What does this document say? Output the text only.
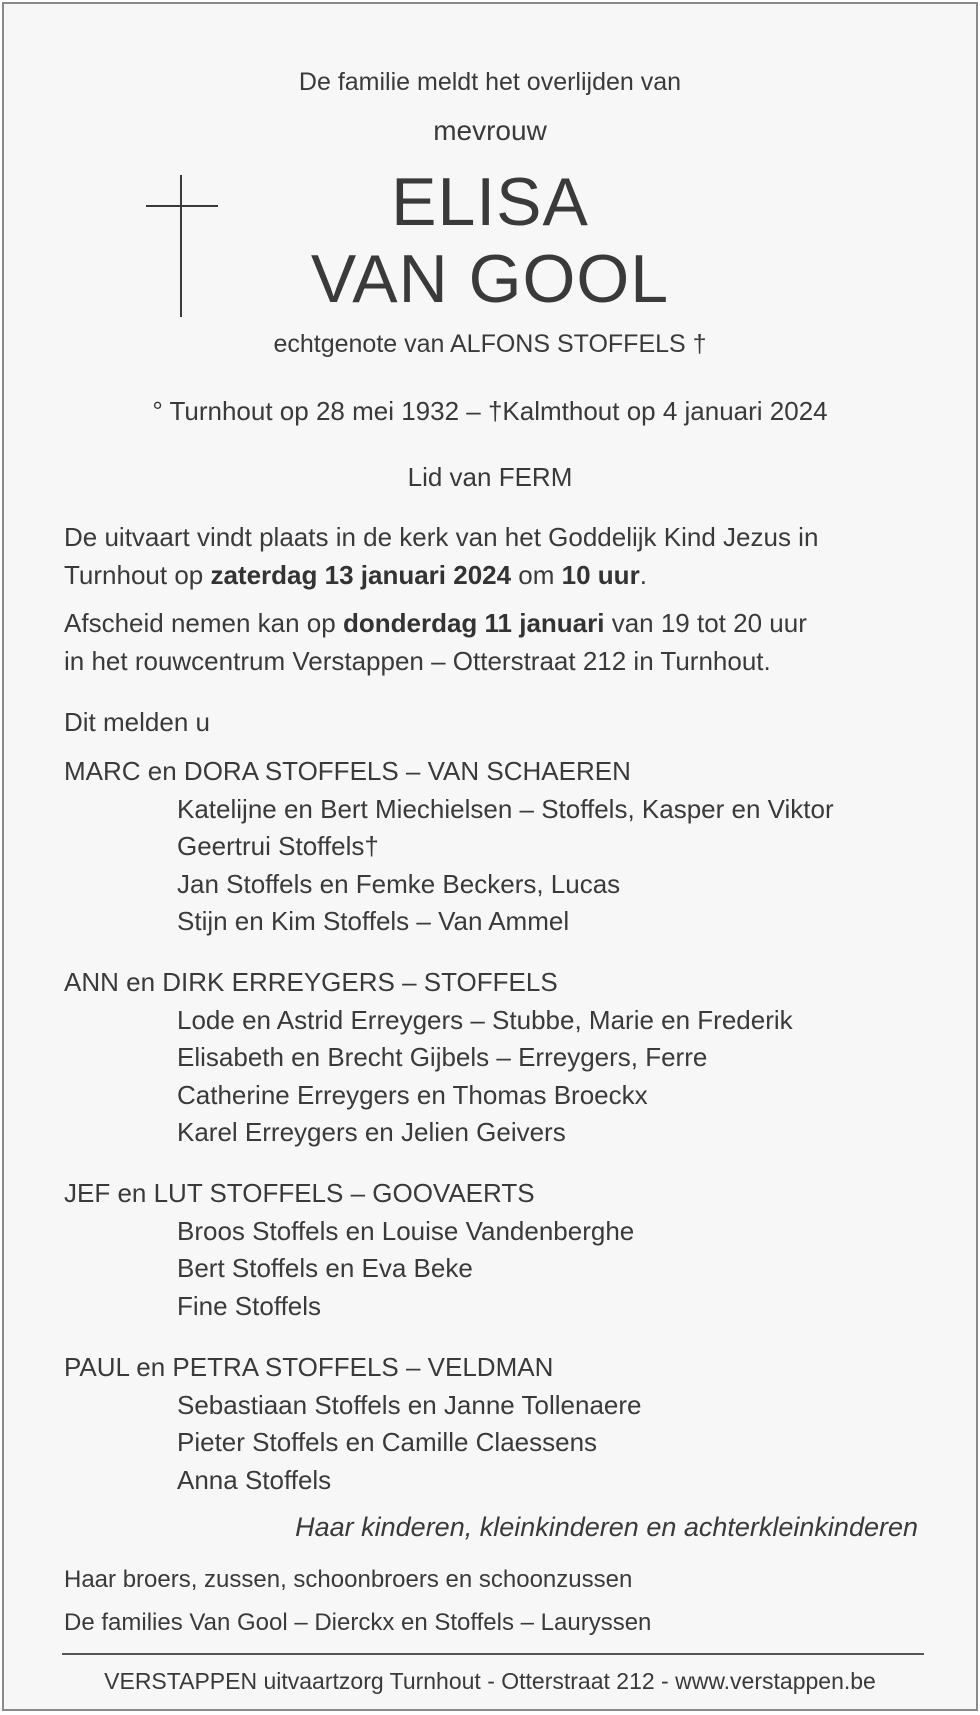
De familie meldt het overlijden van
mevrouw
ELISA
VAN GOOL
echtgenote van ALFONS STOFFELS †
° Turnhout op 28 mei 1932 – †Kalmthout op 4 januari 2024
Lid van FERM
De uitvaart vindt plaats in de kerk van het Goddelijk Kind Jezus in
Turnhout op zaterdag 13 januari 2024 om 10 uur.
Afscheid nemen kan op donderdag 11 januari van 19 tot 20 uur
in het rouwcentrum Verstappen – Otterstraat 212 in Turnhout.
Dit melden u
MARC en DORA STOFFELS – VAN SCHAEREN
Katelijne en Bert Miechielsen – Stoffels, Kasper en Viktor
Geertrui Stoffels†
Jan Stoffels en Femke Beckers, Lucas
Stijn en Kim Stoffels – Van Ammel
ANN en DIRK ERREYGERS – STOFFELS
Lode en Astrid Erreygers – Stubbe, Marie en Frederik
Elisabeth en Brecht Gijbels – Erreygers, Ferre
Catherine Erreygers en Thomas Broeckx
Karel Erreygers en Jelien Geivers
JEF en LUT STOFFELS – GOOVAERTS
Broos Stoffels en Louise Vandenberghe
Bert Stoffels en Eva Beke
Fine Stoffels
PAUL en PETRA STOFFELS – VELDMAN
Sebastiaan Stoffels en Janne Tollenaere
Pieter Stoffels en Camille Claessens
Anna Stoffels
Haar kinderen, kleinkinderen en achterkleinkinderen
Haar broers, zussen, schoonbroers en schoonzussen
De families Van Gool – Dierckx en Stoffels – Lauryssen
VERSTAPPEN uitvaartzorg Turnhout - Otterstraat 212 - www.verstappen.be
